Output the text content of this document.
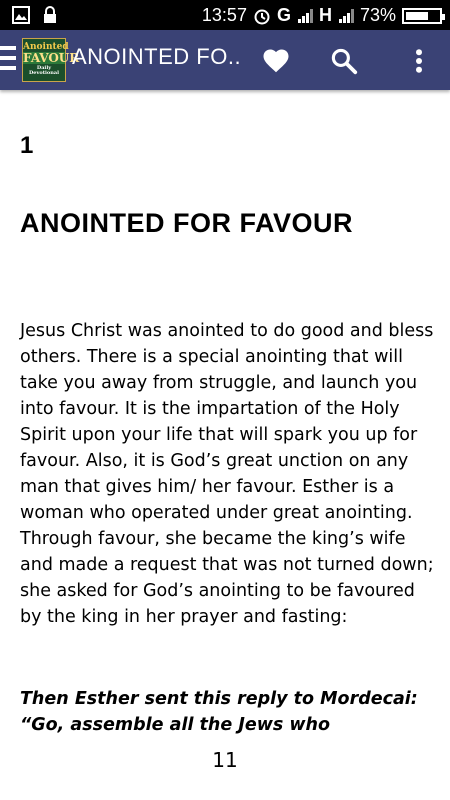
13:57 G H 73%
Anointed
FAVOUR
Daily Devotional
ANOINTED FO..
1
ANOINTED FOR FAVOUR

Jesus Christ was anointed to do good and bless others. There is a special anointing that will take you away from struggle, and launch you into favour. It is the impartation of the Holy Spirit upon your life that will spark you up for favour. Also, it is God’s great unction on any man that gives him/ her favour. Esther is a woman who operated under great anointing. Through favour, she became the king’s wife and made a request that was not turned down; she asked for God’s anointing to be favoured by the king in her prayer and fasting:

Then Esther sent this reply to Mordecai: “Go, assemble all the Jews who

11
